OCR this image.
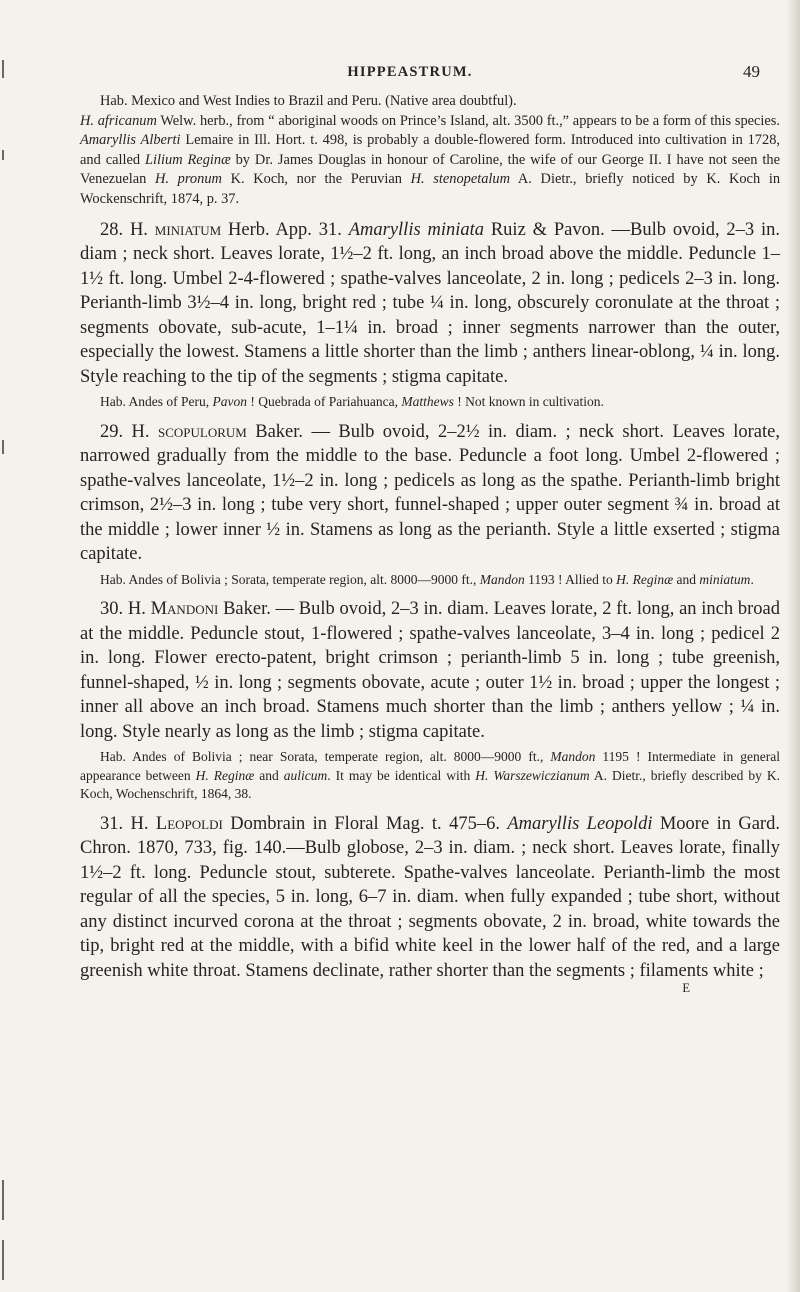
HIPPEASTRUM.	49

Hab. Mexico and West Indies to Brazil and Peru. (Native area doubtful).
H. africanum Welw. herb., from “ aboriginal woods on Prince’s Island, alt. 3500 ft.,” appears to be a form of this species. Amaryllis Alberti Lemaire in Ill. Hort. t. 498, is probably a double-flowered form. Introduced into cultivation in 1728, and called Lilium Reginæ by Dr. James Douglas in honour of Caroline, the wife of our George II. I have not seen the Venezuelan H. pronum K. Koch, nor the Peruvian H. stenopetalum A. Dietr., briefly noticed by K. Koch in Wockenschrift, 1874, p. 37.

28. H. miniatum Herb. App. 31. Amaryllis miniata Ruiz & Pavon. —Bulb ovoid, 2–3 in. diam ; neck short. Leaves lorate, 1½–2 ft. long, an inch broad above the middle. Peduncle 1–1½ ft. long. Umbel 2-4-flowered ; spathe-valves lanceolate, 2 in. long ; pedicels 2–3 in. long. Perianth-limb 3½–4 in. long, bright red ; tube ¼ in. long, obscurely coronulate at the throat ; segments obovate, sub-acute, 1–1¼ in. broad ; inner segments narrower than the outer, especially the lowest. Stamens a little shorter than the limb ; anthers linear-oblong, ¼ in. long. Style reaching to the tip of the segments ; stigma capitate.

Hab. Andes of Peru, Pavon ! Quebrada of Pariahuanca, Matthews ! Not known in cultivation.

29. H. scopulorum Baker. — Bulb ovoid, 2–2½ in. diam. ; neck short. Leaves lorate, narrowed gradually from the middle to the base. Peduncle a foot long. Umbel 2-flowered ; spathe-valves lanceolate, 1½–2 in. long ; pedicels as long as the spathe. Perianth-limb bright crimson, 2½–3 in. long ; tube very short, funnel-shaped ; upper outer segment ¾ in. broad at the middle ; lower inner ½ in. Stamens as long as the perianth. Style a little exserted ; stigma capitate.

Hab. Andes of Bolivia ; Sorata, temperate region, alt. 8000—9000 ft., Mandon 1193 ! Allied to H. Reginæ and miniatum.

30. H. Mandoni Baker. — Bulb ovoid, 2–3 in. diam. Leaves lorate, 2 ft. long, an inch broad at the middle. Peduncle stout, 1-flowered ; spathe-valves lanceolate, 3–4 in. long ; pedicel 2 in. long. Flower erecto-patent, bright crimson ; perianth-limb 5 in. long ; tube greenish, funnel-shaped, ½ in. long ; segments obovate, acute ; outer 1½ in. broad ; upper the longest ; inner all above an inch broad. Stamens much shorter than the limb ; anthers yellow ; ¼ in. long. Style nearly as long as the limb ; stigma capitate.

Hab. Andes of Bolivia ; near Sorata, temperate region, alt. 8000—9000 ft., Mandon 1195 ! Intermediate in general appearance between H. Reginæ and aulicum. It may be identical with H. Warszewiczianum A. Dietr., briefly described by K. Koch, Wochenschrift, 1864, 38.

31. H. Leopoldi Dombrain in Floral Mag. t. 475–6. Amaryllis Leopoldi Moore in Gard. Chron. 1870, 733, fig. 140.—Bulb globose, 2–3 in. diam. ; neck short. Leaves lorate, finally 1½–2 ft. long. Peduncle stout, subterete. Spathe-valves lanceolate. Perianth-limb the most regular of all the species, 5 in. long, 6–7 in. diam. when fully expanded ; tube short, without any distinct incurved corona at the throat ; segments obovate, 2 in. broad, white towards the tip, bright red at the middle, with a bifid white keel in the lower half of the red, and a large greenish white throat. Stamens declinate, rather shorter than the segments ; filaments white ;

E
